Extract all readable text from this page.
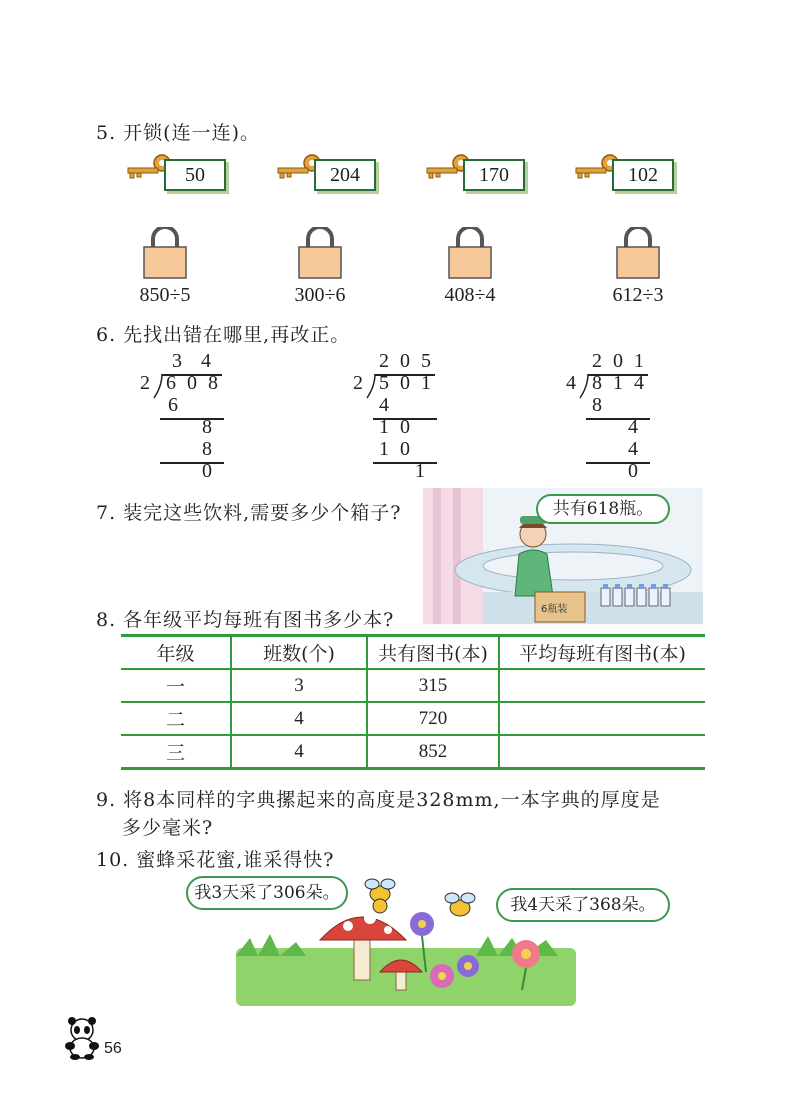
5. 开锁(连一连)。
50	204	170	102
850÷5	300÷6	408÷4	612÷3
6. 先找出错在哪里,再改正。
3  4
2 6 0 8
6
8
8
0
2 0 5
2 5 0 1
4
1 0
1 0
1
2 0 1
4 8 1 4
8
4
4
0
7. 装完这些饮料,需要多少个箱子?
6瓶装
共有618瓶。
8. 各年级平均每班有图书多少本?
年级	班数(个)	共有图书(本)	平均每班有图书(本)
一	3	315	
二	4	720	
三	4	852	
9. 将8本同样的字典摞起来的高度是328mm,一本字典的厚度是
多少毫米?
10. 蜜蜂采花蜜,谁采得快?
我3天采了306朵。
我4天采了368朵。
56
